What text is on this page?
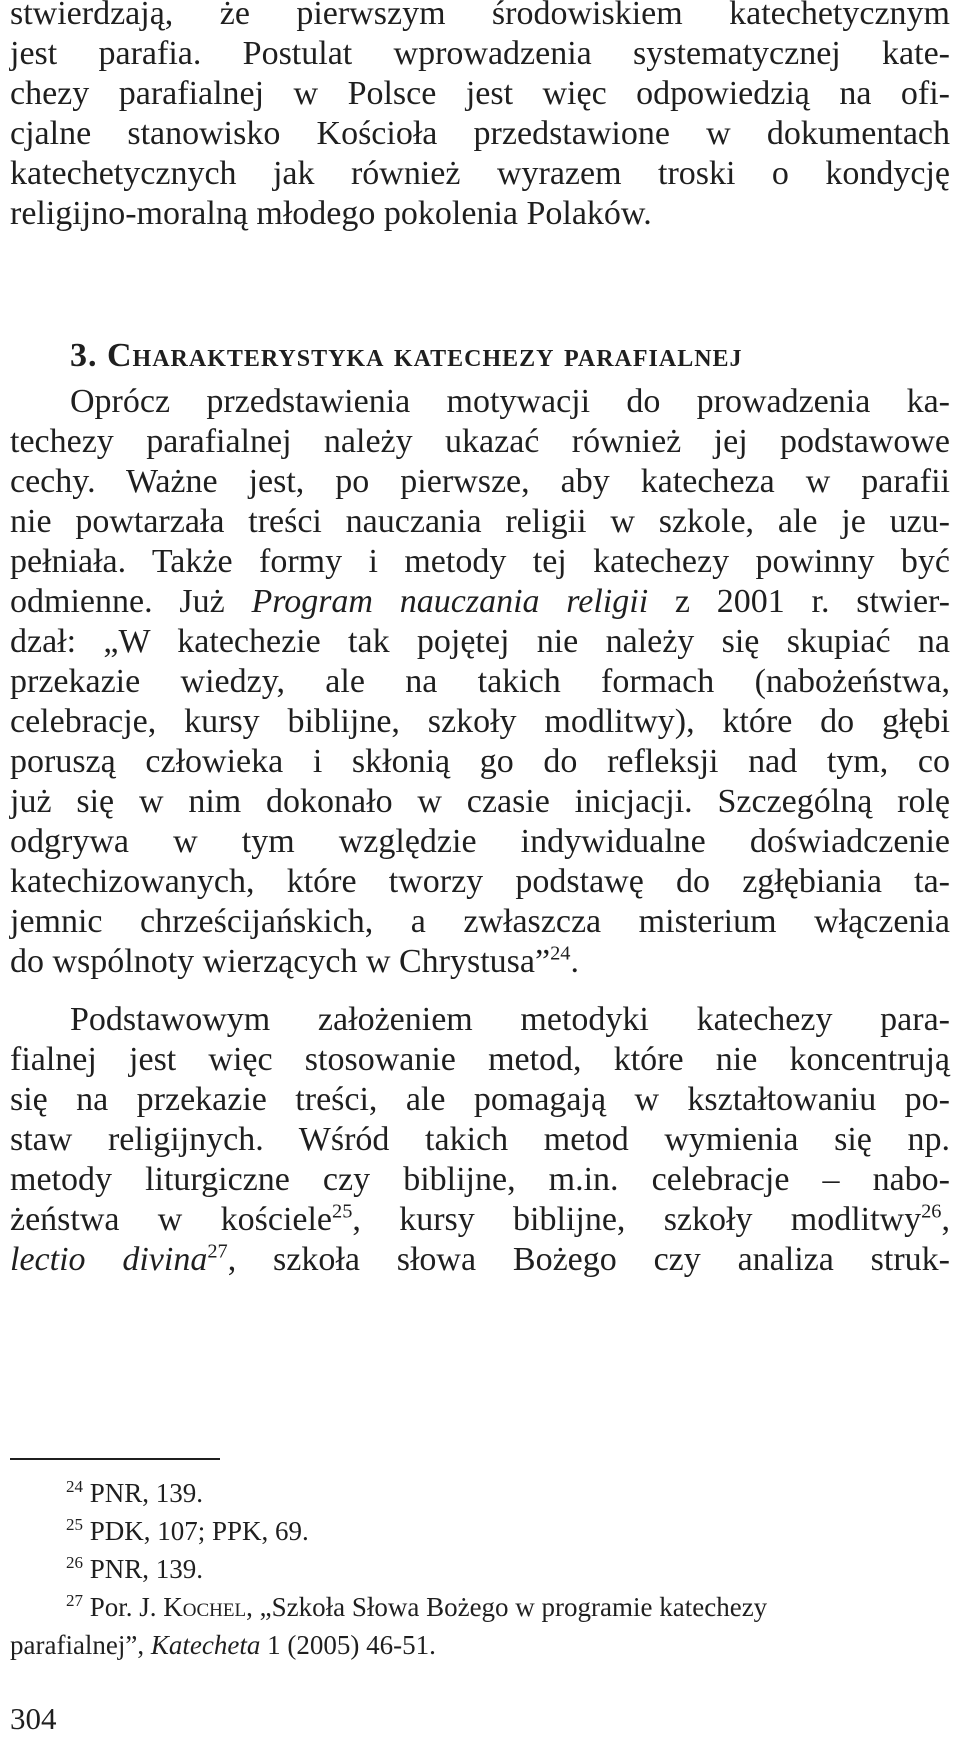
stwierdzają, że pierwszym środowiskiem katechetycznym
jest parafia. Postulat wprowadzenia systematycznej kate-
chezy parafialnej w Polsce jest więc odpowiedzią na ofi-
cjalne stanowisko Kościoła przedstawione w dokumentach
katechetycznych jak również wyrazem troski o kondycję
religijno-moralną młodego pokolenia Polaków.
3. Charakterystyka katechezy parafialnej
Oprócz przedstawienia motywacji do prowadzenia ka-
techezy parafialnej należy ukazać również jej podstawowe
cechy. Ważne jest, po pierwsze, aby katecheza w parafii
nie powtarzała treści nauczania religii w szkole, ale je uzu-
pełniała. Także formy i metody tej katechezy powinny być
odmienne. Już Program nauczania religii z 2001 r. stwier-
dzał: „W katechezie tak pojętej nie należy się skupiać na
przekazie wiedzy, ale na takich formach (nabożeństwa,
celebracje, kursy biblijne, szkoły modlitwy), które do głębi
poruszą człowieka i skłonią go do refleksji nad tym, co
już się w nim dokonało w czasie inicjacji. Szczególną rolę
odgrywa w tym względzie indywidualne doświadczenie
katechizowanych, które tworzy podstawę do zgłębiania ta-
jemnic chrześcijańskich, a zwłaszcza misterium włączenia
do wspólnoty wierzących w Chrystusa”$^{24}$.
Podstawowym założeniem metodyki katechezy para-
fialnej jest więc stosowanie metod, które nie koncentrują
się na przekazie treści, ale pomagają w kształtowaniu po-
staw religijnych. Wśród takich metod wymienia się np.
metody liturgiczne czy biblijne, m.in. celebracje – nabo-
żeństwa w kościele$^{25}$, kursy biblijne, szkoły modlitwy$^{26}$,
lectio divina$^{27}$, szkoła słowa Bożego czy analiza struk-
$^{24}$ PNR, 139.
$^{25}$ PDK, 107; PPK, 69.
$^{26}$ PNR, 139.
$^{27}$ Por. J. Kochel, „Szkoła Słowa Bożego w programie katechezy
parafialnej”, Katecheta 1 (2005) 46-51.
304
